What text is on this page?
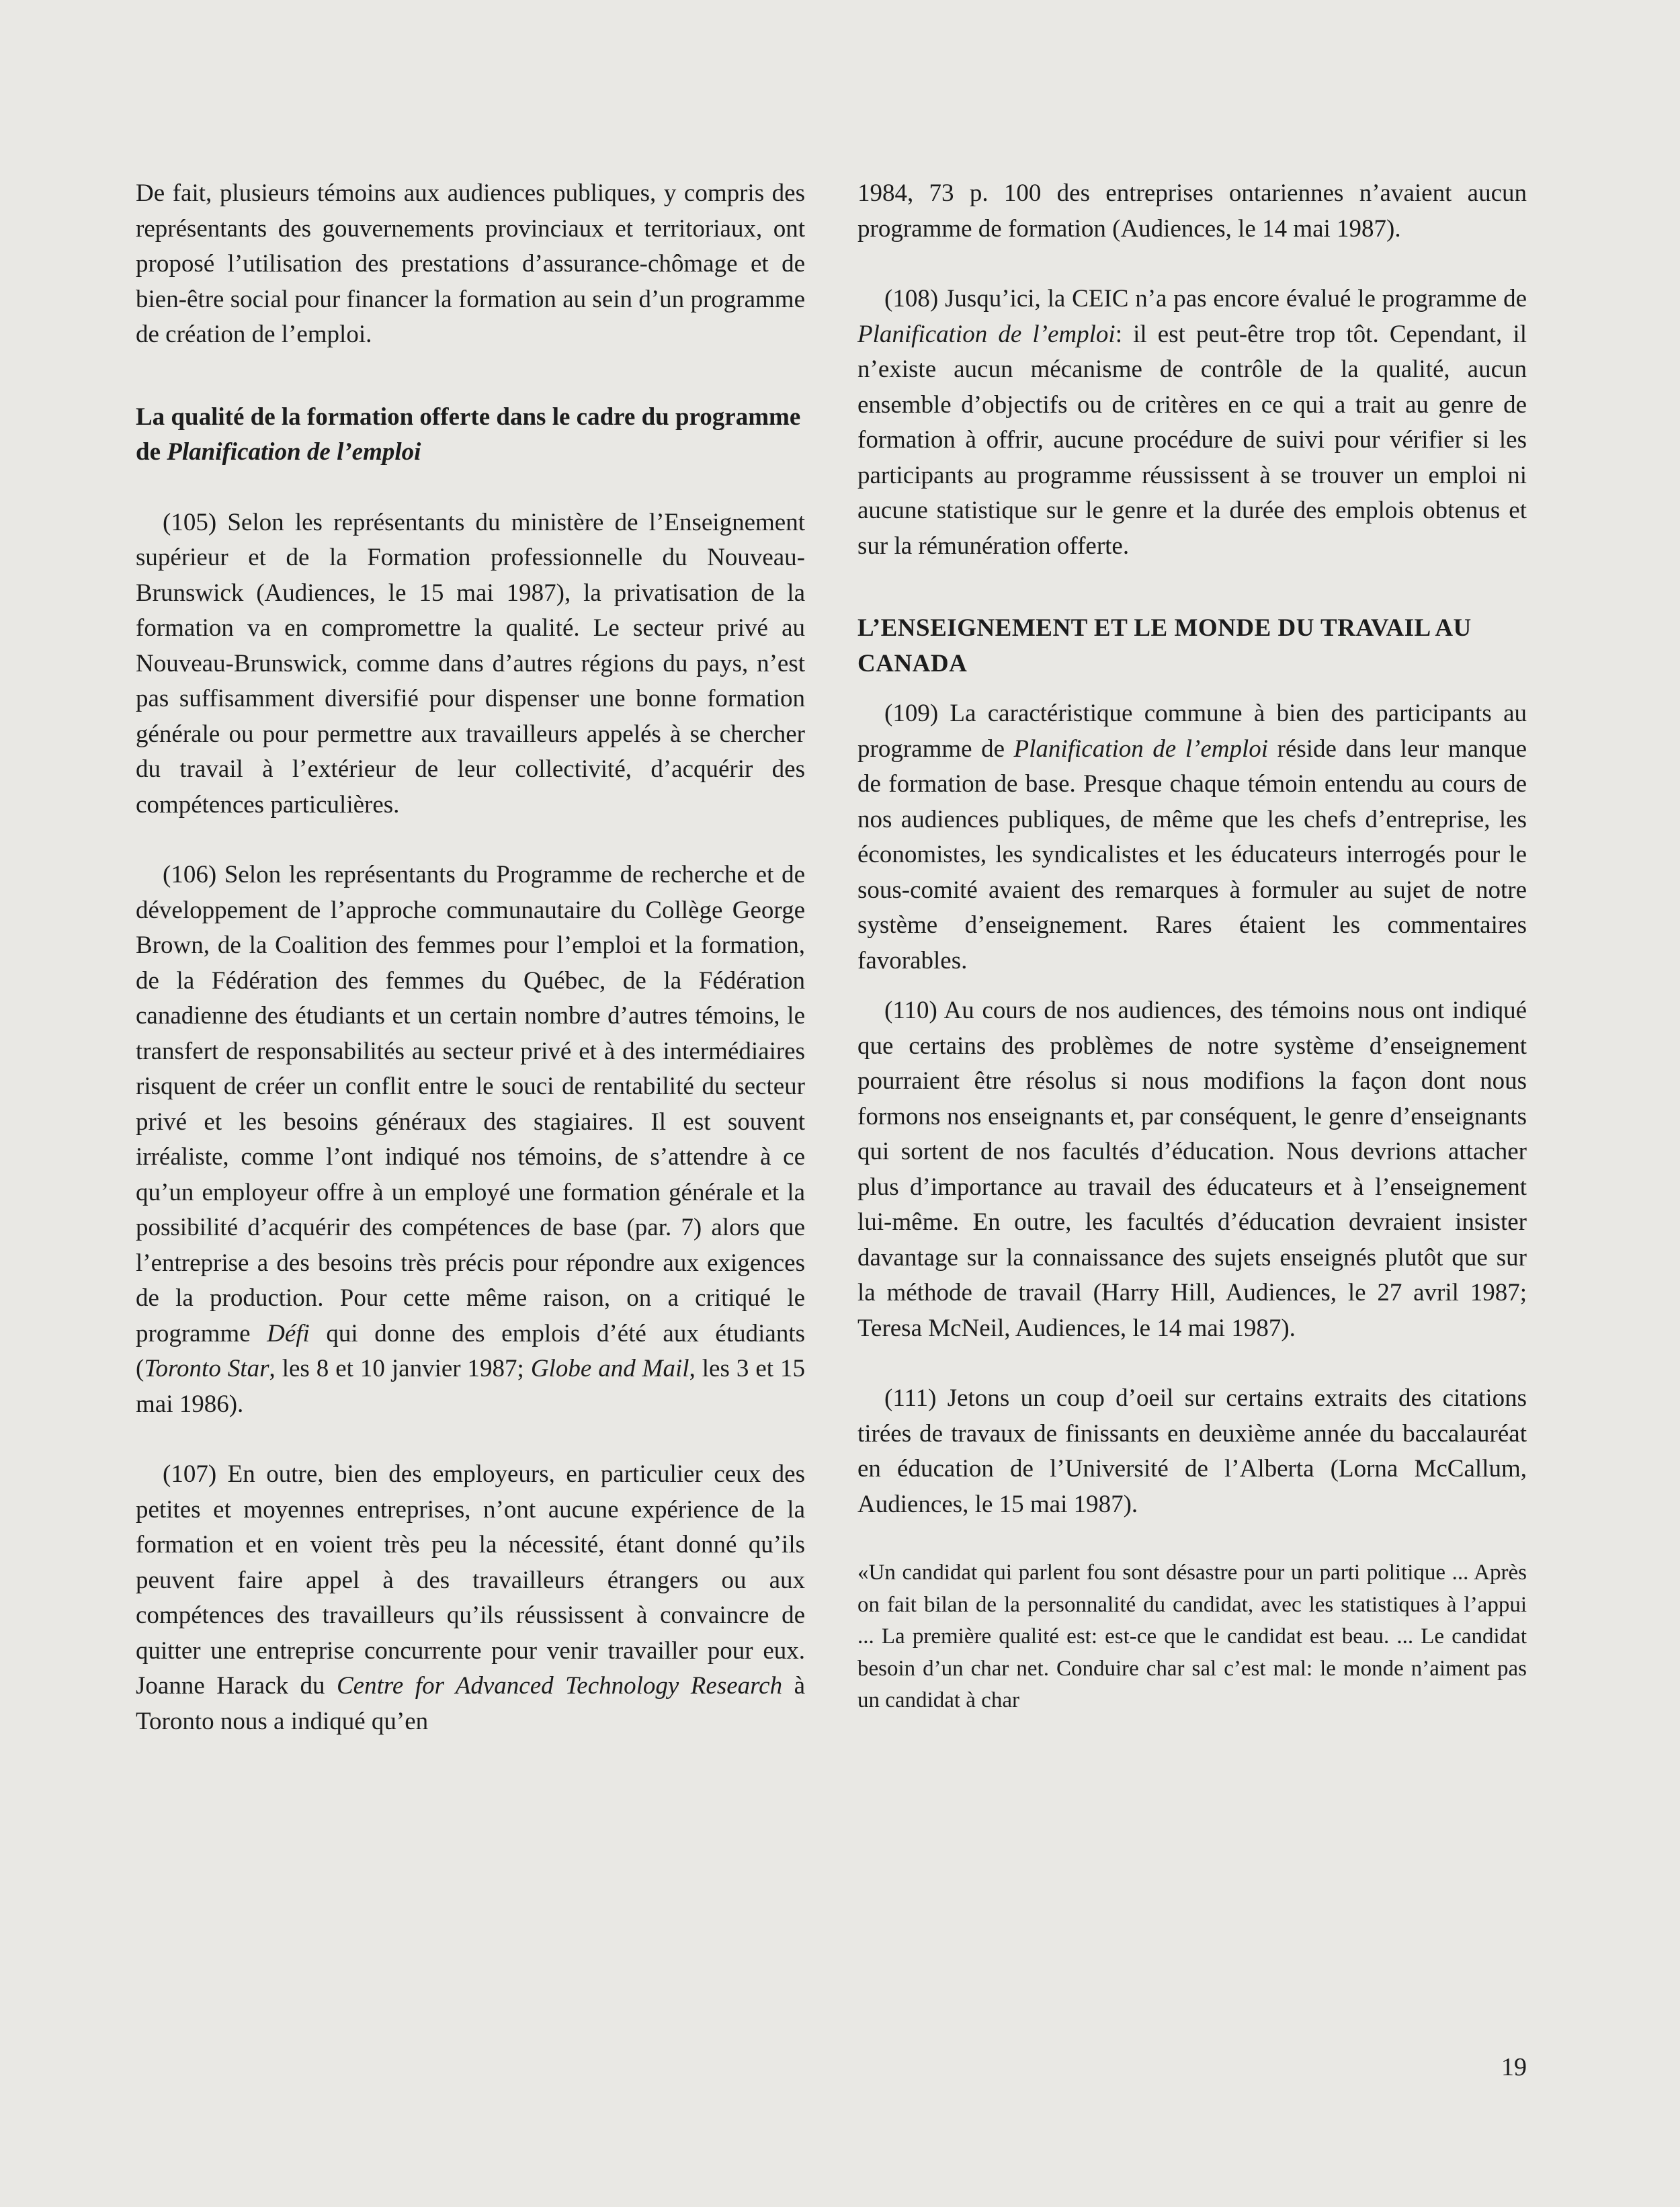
De fait, plusieurs témoins aux audiences publiques, y compris des représentants des gouvernements provinciaux et territoriaux, ont proposé l’utilisation des prestations d’assurance-chômage et de bien-être social pour financer la formation au sein d’un programme de création de l’emploi.

La qualité de la formation offerte dans le cadre du programme de Planification de l’emploi

(105) Selon les représentants du ministère de l’Enseignement supérieur et de la Formation professionnelle du Nouveau-Brunswick (Audiences, le 15 mai 1987), la privatisation de la formation va en compromettre la qualité. Le secteur privé au Nouveau-Brunswick, comme dans d’autres régions du pays, n’est pas suffisamment diversifié pour dispenser une bonne formation générale ou pour permettre aux travailleurs appelés à se chercher du travail à l’extérieur de leur collectivité, d’acquérir des compétences particulières.

(106) Selon les représentants du Programme de recherche et de développement de l’approche communautaire du Collège George Brown, de la Coalition des femmes pour l’emploi et la formation, de la Fédération des femmes du Québec, de la Fédération canadienne des étudiants et un certain nombre d’autres témoins, le transfert de responsabilités au secteur privé et à des intermédiaires risquent de créer un conflit entre le souci de rentabilité du secteur privé et les besoins généraux des stagiaires. Il est souvent irréaliste, comme l’ont indiqué nos témoins, de s’attendre à ce qu’un employeur offre à un employé une formation générale et la possibilité d’acquérir des compétences de base (par. 7) alors que l’entreprise a des besoins très précis pour répondre aux exigences de la production. Pour cette même raison, on a critiqué le programme Défi qui donne des emplois d’été aux étudiants (Toronto Star, les 8 et 10 janvier 1987; Globe and Mail, les 3 et 15 mai 1986).

(107) En outre, bien des employeurs, en particulier ceux des petites et moyennes entreprises, n’ont aucune expérience de la formation et en voient très peu la nécessité, étant donné qu’ils peuvent faire appel à des travailleurs étrangers ou aux compétences des travailleurs qu’ils réussissent à convaincre de quitter une entreprise concurrente pour venir travailler pour eux. Joanne Harack du Centre for Advanced Technology Research à Toronto nous a indiqué qu’en

1984, 73 p. 100 des entreprises ontariennes n’avaient aucun programme de formation (Audiences, le 14 mai 1987).

(108) Jusqu’ici, la CEIC n’a pas encore évalué le programme de Planification de l’emploi: il est peut-être trop tôt. Cependant, il n’existe aucun mécanisme de contrôle de la qualité, aucun ensemble d’objectifs ou de critères en ce qui a trait au genre de formation à offrir, aucune procédure de suivi pour vérifier si les participants au programme réussissent à se trouver un emploi ni aucune statistique sur le genre et la durée des emplois obtenus et sur la rémunération offerte.

L’ENSEIGNEMENT ET LE MONDE DU TRAVAIL AU CANADA

(109) La caractéristique commune à bien des participants au programme de Planification de l’emploi réside dans leur manque de formation de base. Presque chaque témoin entendu au cours de nos audiences publiques, de même que les chefs d’entreprise, les économistes, les syndicalistes et les éducateurs interrogés pour le sous-comité avaient des remarques à formuler au sujet de notre système d’enseignement. Rares étaient les commentaires favorables.

(110) Au cours de nos audiences, des témoins nous ont indiqué que certains des problèmes de notre système d’enseignement pourraient être résolus si nous modifions la façon dont nous formons nos enseignants et, par conséquent, le genre d’enseignants qui sortent de nos facultés d’éducation. Nous devrions attacher plus d’importance au travail des éducateurs et à l’enseignement lui-même. En outre, les facultés d’éducation devraient insister davantage sur la connaissance des sujets enseignés plutôt que sur la méthode de travail (Harry Hill, Audiences, le 27 avril 1987; Teresa McNeil, Audiences, le 14 mai 1987).

(111) Jetons un coup d’oeil sur certains extraits des citations tirées de travaux de finissants en deuxième année du baccalauréat en éducation de l’Université de l’Alberta (Lorna McCallum, Audiences, le 15 mai 1987).

«Un candidat qui parlent fou sont désastre pour un parti politique ... Après on fait bilan de la personnalité du candidat, avec les statistiques à l’appui ... La première qualité est: est-ce que le candidat est beau. ... Le candidat besoin d’un char net. Conduire char sal c’est mal: le monde n’aiment pas un candidat à char

19
